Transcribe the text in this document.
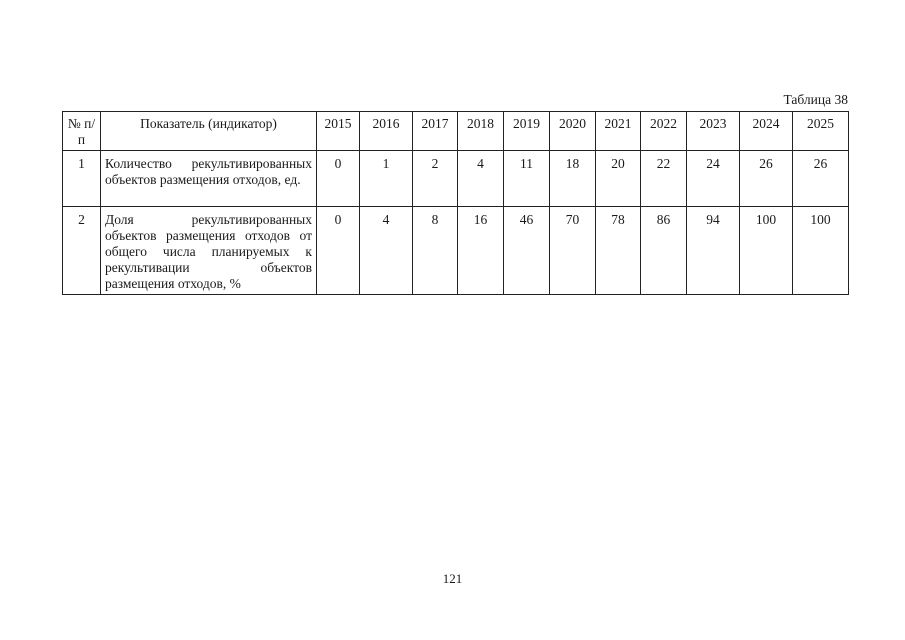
Таблица 38
№ п/п	Показатель (индикатор)	2015	2016	2017	2018	2019	2020	2021	2022	2023	2024	2025
1	Количество рекультивированных объектов размещения отходов, ед.	0	1	2	4	11	18	20	22	24	26	26
2	Доля рекультивированных объектов размещения отходов от общего числа планируемых к рекультивации объектов размещения отходов, %	0	4	8	16	46	70	78	86	94	100	100
121
